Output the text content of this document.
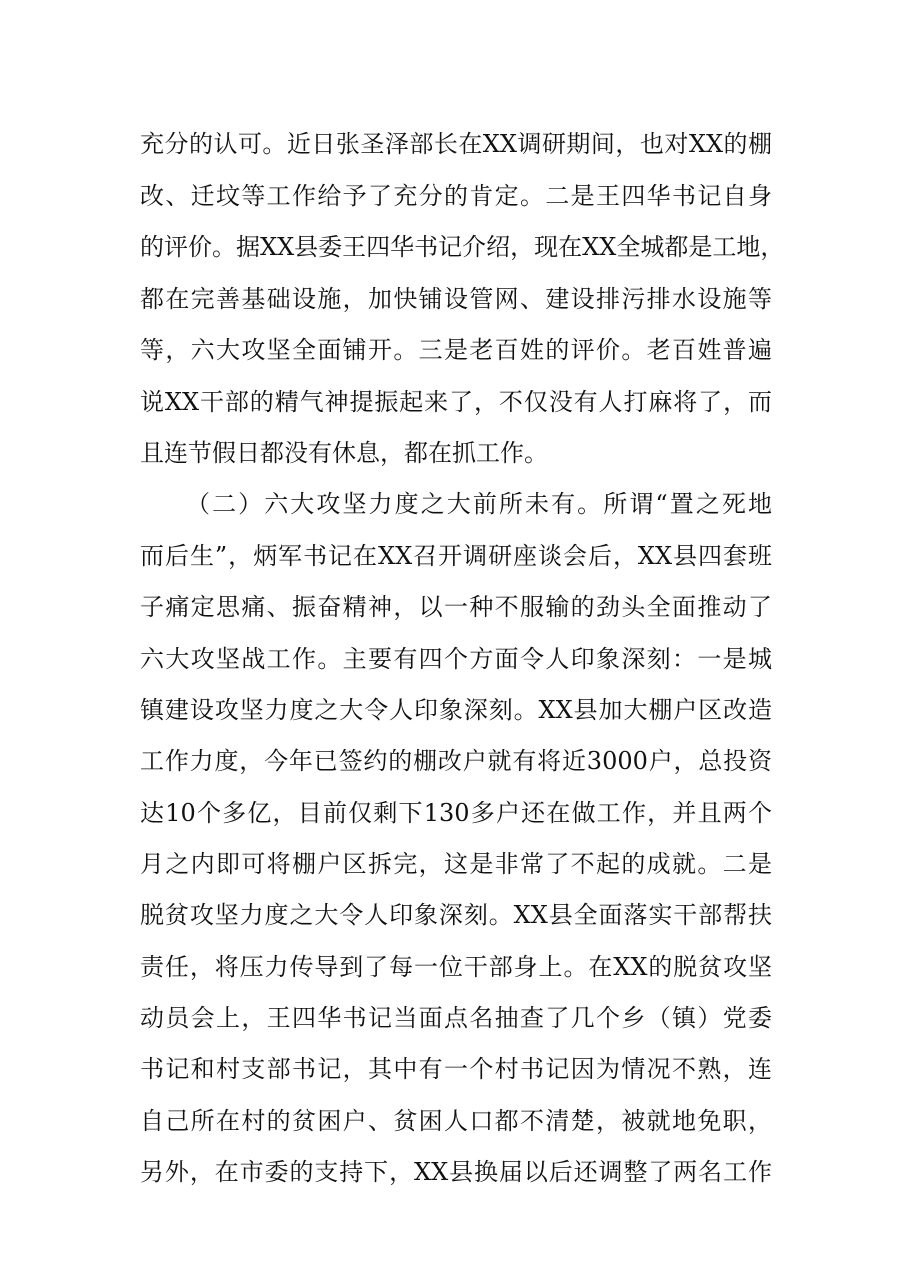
充分的认可。近日张圣泽部长在XX调研期间，也对XX的棚
改、迁坟等工作给予了充分的肯定。二是王四华书记自身
的评价。据XX县委王四华书记介绍，现在XX全城都是工地，
都在完善基础设施，加快铺设管网、建设排污排水设施等
等，六大攻坚全面铺开。三是老百姓的评价。老百姓普遍
说XX干部的精气神提振起来了，不仅没有人打麻将了，而
且连节假日都没有休息，都在抓工作。
（二）六大攻坚力度之大前所未有。所谓“置之死地
而后生”，炳军书记在XX召开调研座谈会后，XX县四套班
子痛定思痛、振奋精神，以一种不服输的劲头全面推动了
六大攻坚战工作。主要有四个方面令人印象深刻：一是城
镇建设攻坚力度之大令人印象深刻。XX县加大棚户区改造
工作力度，今年已签约的棚改户就有将近3000户，总投资
达10个多亿，目前仅剩下130多户还在做工作，并且两个
月之内即可将棚户区拆完，这是非常了不起的成就。二是
脱贫攻坚力度之大令人印象深刻。XX县全面落实干部帮扶
责任，将压力传导到了每一位干部身上。在XX的脱贫攻坚
动员会上，王四华书记当面点名抽查了几个乡（镇）党委
书记和村支部书记，其中有一个村书记因为情况不熟，连
自己所在村的贫困户、贫困人口都不清楚，被就地免职，
另外，在市委的支持下，XX县换届以后还调整了两名工作
